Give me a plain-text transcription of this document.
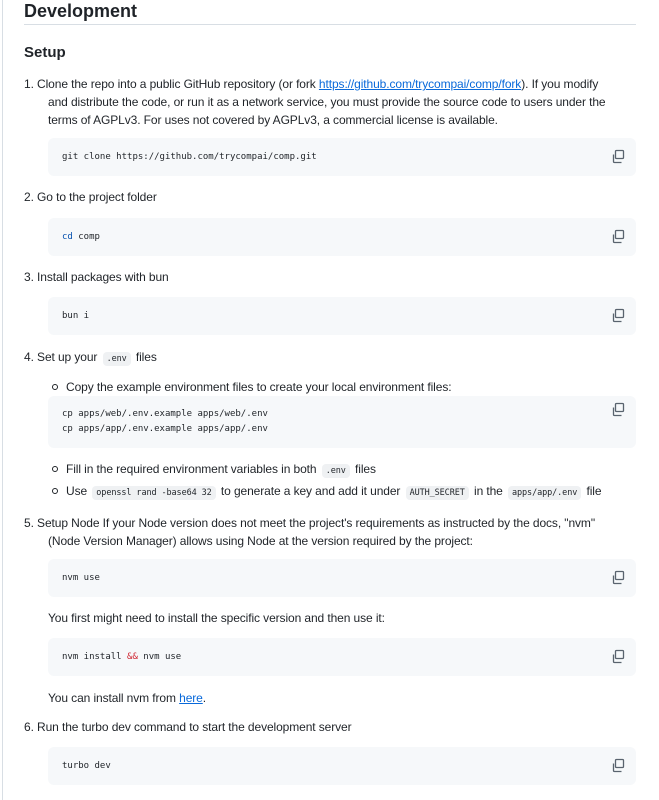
Development
Setup
1. Clone the repo into a public GitHub repository (or fork https://github.com/trycompai/comp/fork). If you modify
and distribute the code, or run it as a network service, you must provide the source code to users under the
terms of AGPLv3. For uses not covered by AGPLv3, a commercial license is available.
git clone https://github.com/trycompai/comp.git
2. Go to the project folder
cd comp
3. Install packages with bun
bun i
4. Set up your .env files
Copy the example environment files to create your local environment files:
cp apps/web/.env.example apps/web/.env
cp apps/app/.env.example apps/app/.env
Fill in the required environment variables in both .env files
Use openssl rand -base64 32 to generate a key and add it under AUTH_SECRET in the apps/app/.env file
5. Setup Node If your Node version does not meet the project's requirements as instructed by the docs, "nvm"
(Node Version Manager) allows using Node at the version required by the project:
nvm use
You first might need to install the specific version and then use it:
nvm install && nvm use
You can install nvm from here.
6. Run the turbo dev command to start the development server
turbo dev
